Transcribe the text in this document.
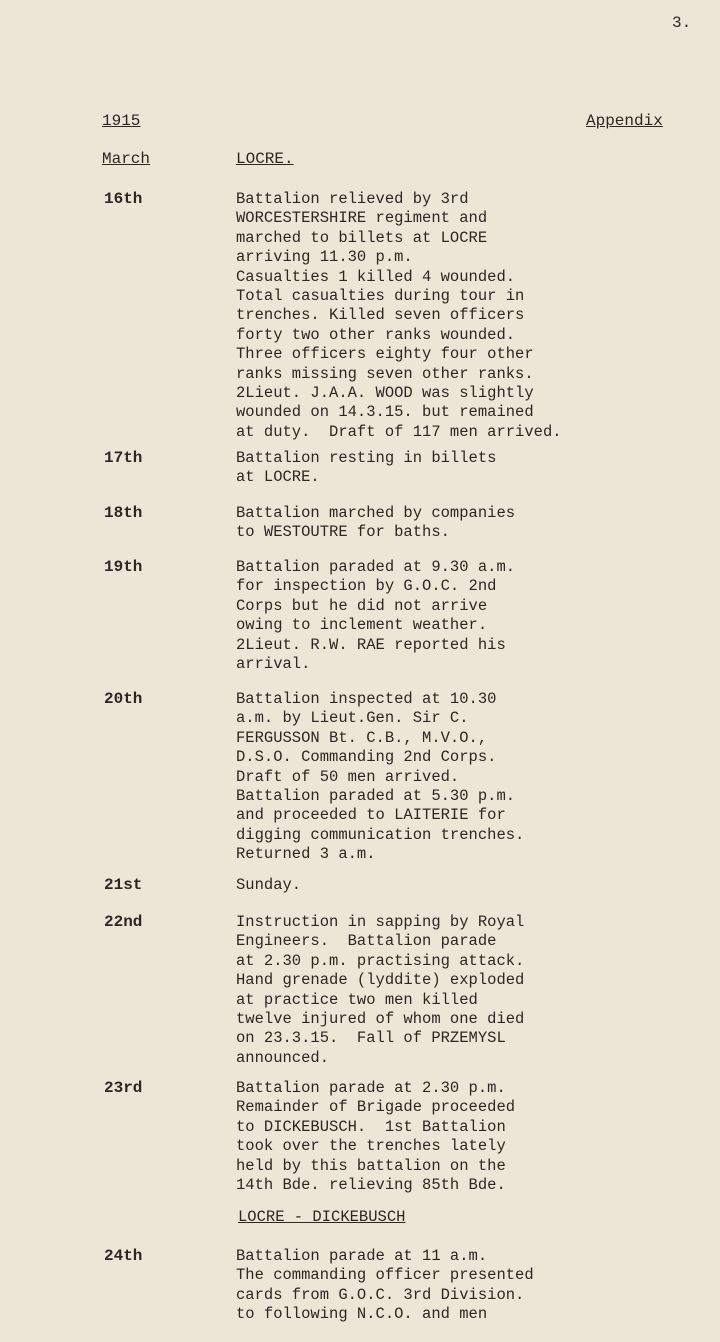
3.
1915	Appendix
March	LOCRE.
16th	Battalion relieved by 3rd
WORCESTERSHIRE regiment and
marched to billets at LOCRE
arriving 11.30 p.m.
Casualties 1 killed 4 wounded.
Total casualties during tour in
trenches. Killed seven officers
forty two other ranks wounded.
Three officers eighty four other
ranks missing seven other ranks.
2Lieut. J.A.A. WOOD was slightly
wounded on 14.3.15. but remained
at duty.  Draft of 117 men arrived.
17th	Battalion resting in billets
at LOCRE.
18th	Battalion marched by companies
to WESTOUTRE for baths.
19th	Battalion paraded at 9.30 a.m.
for inspection by G.O.C. 2nd
Corps but he did not arrive
owing to inclement weather.
2Lieut. R.W. RAE reported his
arrival.
20th	Battalion inspected at 10.30
a.m. by Lieut.Gen. Sir C.
FERGUSSON Bt. C.B., M.V.O.,
D.S.O. Commanding 2nd Corps.
Draft of 50 men arrived.
Battalion paraded at 5.30 p.m.
and proceeded to LAITERIE for
digging communication trenches.
Returned 3 a.m.
21st	Sunday.
22nd	Instruction in sapping by Royal
Engineers.  Battalion parade
at 2.30 p.m. practising attack.
Hand grenade (lyddite) exploded
at practice two men killed
twelve injured of whom one died
on 23.3.15.  Fall of PRZEMYSL
announced.
23rd	Battalion parade at 2.30 p.m.
Remainder of Brigade proceeded
to DICKEBUSCH.  1st Battalion
took over the trenches lately
held by this battalion on the
14th Bde. relieving 85th Bde.
LOCRE - DICKEBUSCH
24th	Battalion parade at 11 a.m.
The commanding officer presented
cards from G.O.C. 3rd Division.
to following N.C.O. and men
